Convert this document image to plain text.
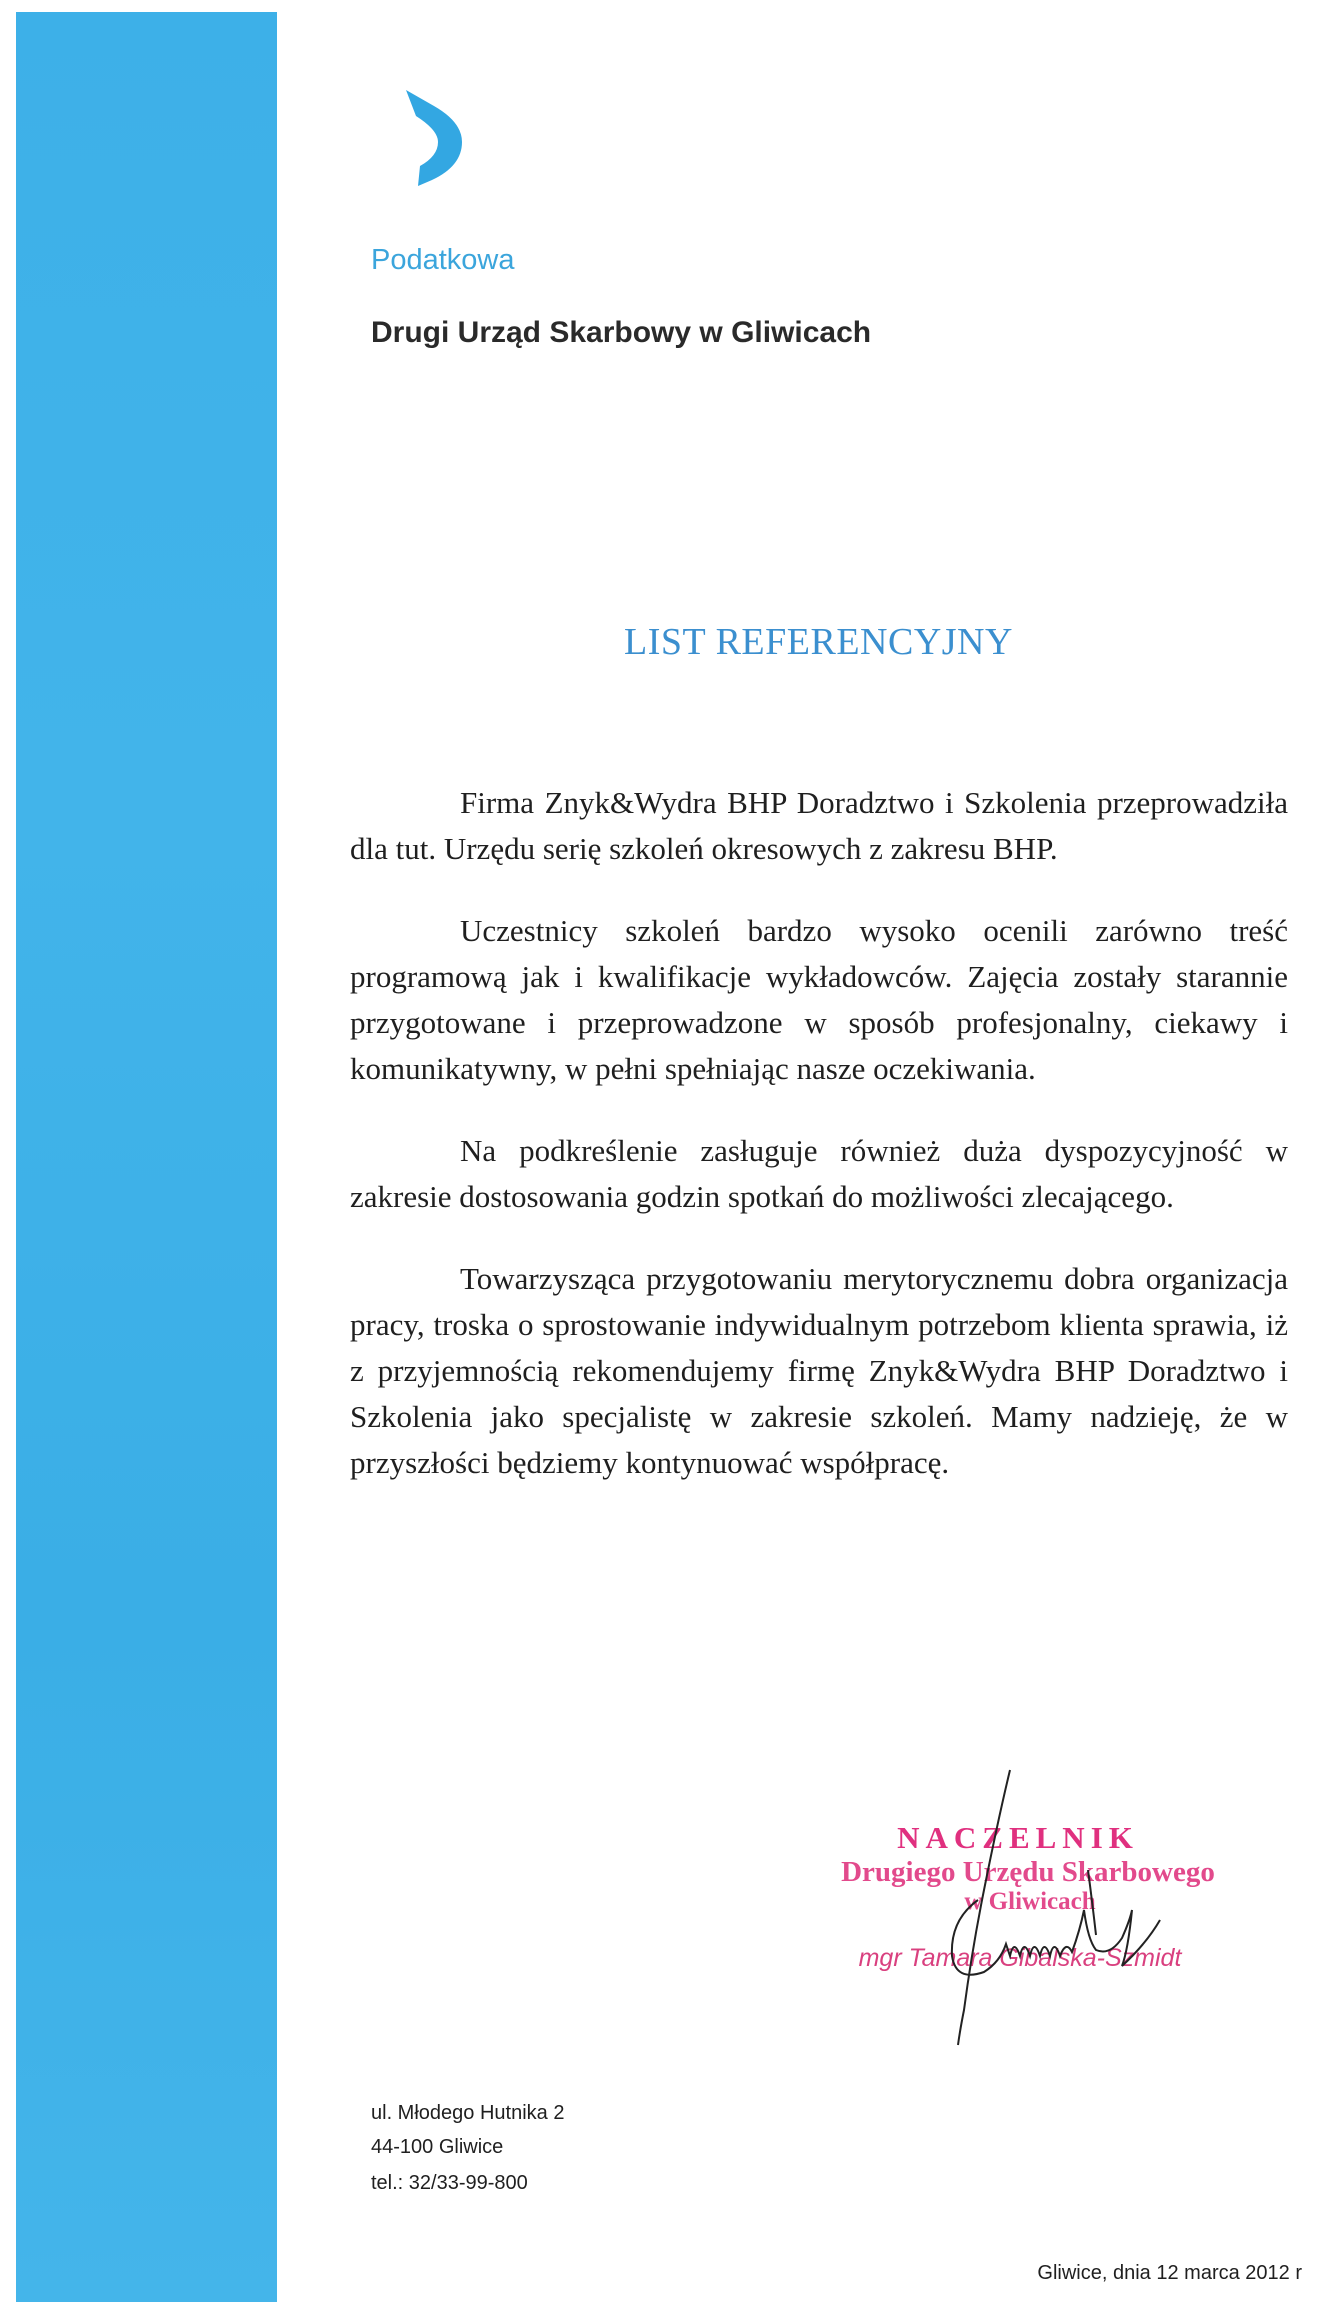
Podatkowa
Drugi Urząd Skarbowy w Gliwicach
LIST REFERENCYJNY

Firma Znyk&Wydra BHP Doradztwo i Szkolenia przeprowadziła dla tut. Urzędu serię szkoleń okresowych z zakresu BHP.

Uczestnicy szkoleń bardzo wysoko ocenili zarówno treść programową jak i kwalifikacje wykładowców. Zajęcia zostały starannie przygotowane i przeprowadzone w sposób profesjonalny, ciekawy i komunikatywny, w pełni spełniając nasze oczekiwania.

Na podkreślenie zasługuje również duża dyspozycyjność w zakresie dostosowania godzin spotkań do możliwości zlecającego.

Towarzysząca przygotowaniu merytorycznemu dobra organizacja pracy, troska o sprostowanie indywidualnym potrzebom klienta sprawia, iż z przyjemnością rekomendujemy firmę Znyk&Wydra BHP Doradztwo i Szkolenia jako specjalistę w zakresie szkoleń. Mamy nadzieję, że w przyszłości będziemy kontynuować współpracę.

NACZELNIK
Drugiego Urzędu Skarbowego
w Gliwicach
mgr Tamara Gibalska-Szmidt
ul. Młodego Hutnika 2
44-100 Gliwice
tel.: 32/33-99-800
Gliwice, dnia 12 marca 2012 r
